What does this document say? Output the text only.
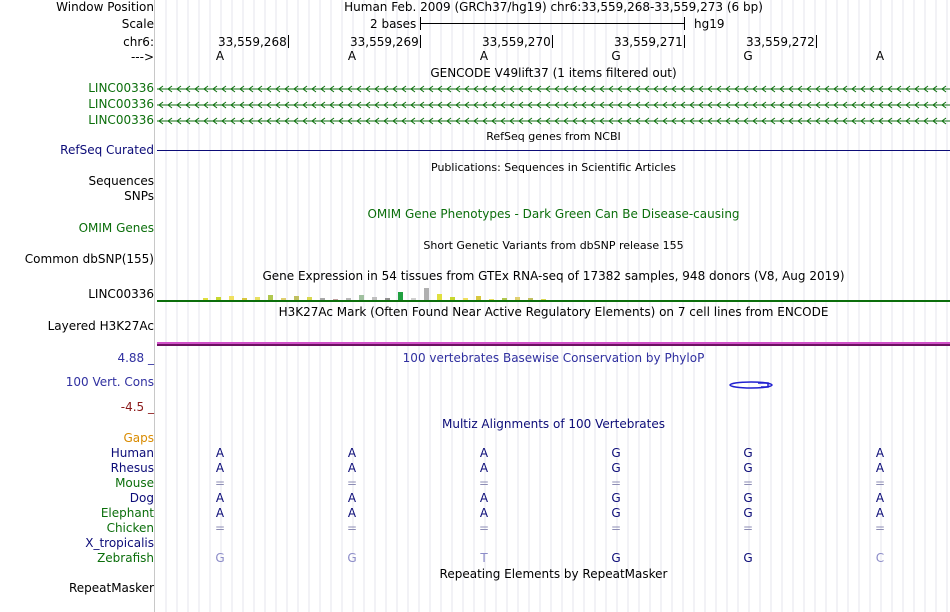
Window Position	Human Feb. 2009 (GRCh37/hg19) chr6:33,559,268-33,559,273 (6 bp)
Scale	2 bases	hg19
chr6:	33,559,268	33,559,269	33,559,270	33,559,271	33,559,272
--->	A	A	A	G	G	A
GENCODE V49lift37 (1 items filtered out)
LINC00336
LINC00336
LINC00336
RefSeq genes from NCBI
RefSeq Curated
Publications: Sequences in Scientific Articles
Sequences
SNPs
OMIM Gene Phenotypes - Dark Green Can Be Disease-causing
OMIM Genes
Short Genetic Variants from dbSNP release 155
Common dbSNP(155)
Gene Expression in 54 tissues from GTEx RNA-seq of 17382 samples, 948 donors (V8, Aug 2019)
LINC00336
H3K27Ac Mark (Often Found Near Active Regulatory Elements) on 7 cell lines from ENCODE
Layered H3K27Ac
4.88 _	100 vertebrates Basewise Conservation by PhyloP
100 Vert. Cons
-4.5 _
Multiz Alignments of 100 Vertebrates
Gaps
Human	A	A	A	G	G	A
Rhesus	A	A	A	G	G	A
Mouse	=	=	=	=	=	=
Dog	A	A	A	G	G	A
Elephant	A	A	A	G	G	A
Chicken	=	=	=	=	=	=
X_tropicalis
Zebrafish	G	G	T	G	G	C
Repeating Elements by RepeatMasker
RepeatMasker
